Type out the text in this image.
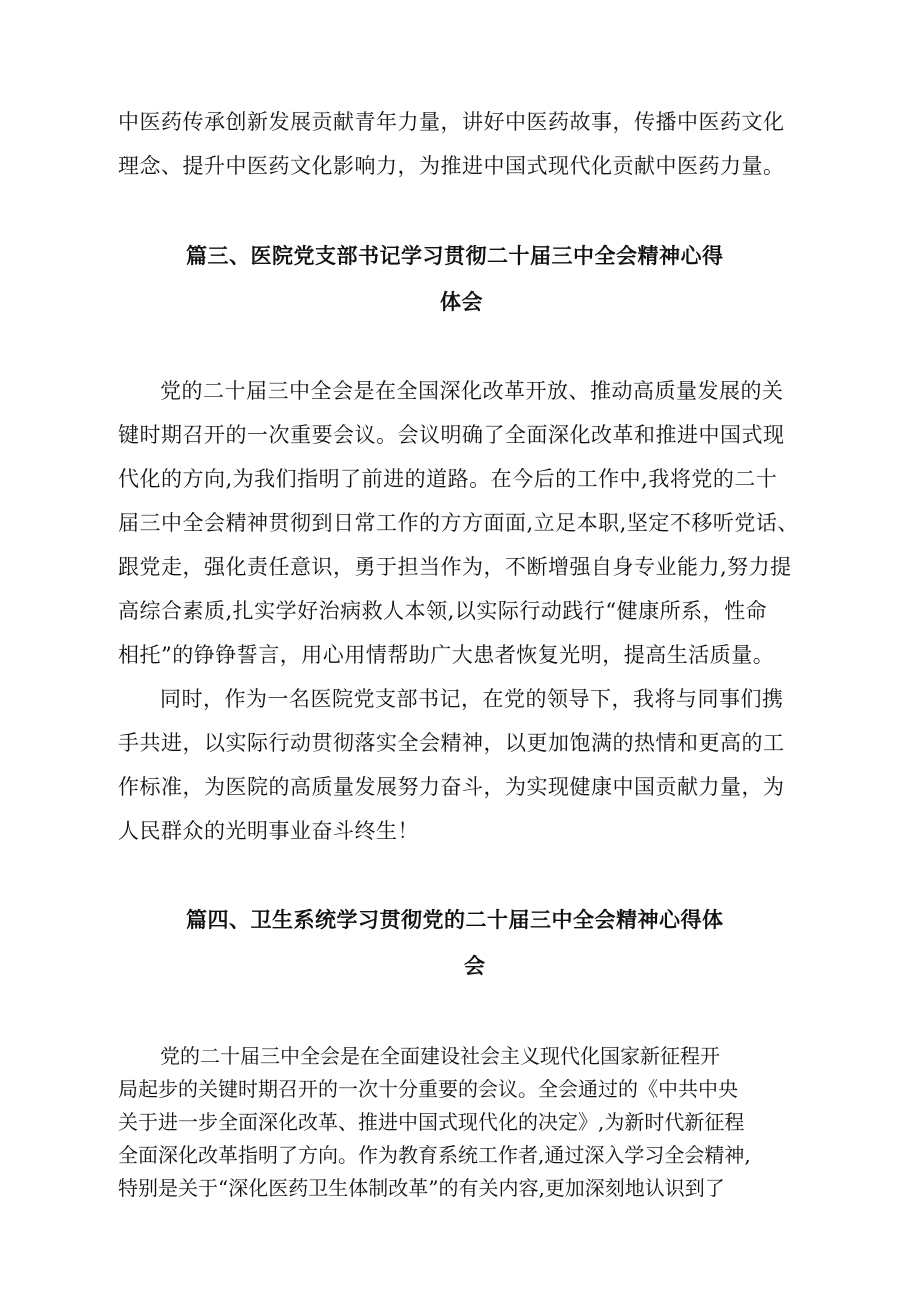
中医药传承创新发展贡献青年力量，讲好中医药故事，传播中医药文化
理念、提升中医药文化影响力，为推进中国式现代化贡献中医药力量。
篇三、医院党支部书记学习贯彻二十届三中全会精神心得
体会
党的二十届三中全会是在全国深化改革开放、推动高质量发展的关
键时期召开的一次重要会议。会议明确了全面深化改革和推进中国式现
代化的方向,为我们指明了前进的道路。在今后的工作中,我将党的二十
届三中全会精神贯彻到日常工作的方方面面,立足本职,坚定不移听党话、
跟党走，强化责任意识，勇于担当作为，不断增强自身专业能力,努力提
高综合素质,扎实学好治病救人本领,以实际行动践行“健康所系，性命
相托”的铮铮誓言，用心用情帮助广大患者恢复光明，提高生活质量。
同时，作为一名医院党支部书记，在党的领导下，我将与同事们携
手共进，以实际行动贯彻落实全会精神，以更加饱满的热情和更高的工
作标准，为医院的高质量发展努力奋斗，为实现健康中国贡献力量，为
人民群众的光明事业奋斗终生！
篇四、卫生系统学习贯彻党的二十届三中全会精神心得体
会
党的二十届三中全会是在全面建设社会主义现代化国家新征程开
局起步的关键时期召开的一次十分重要的会议。全会通过的《中共中央
关于进一步全面深化改革、推进中国式现代化的决定》,为新时代新征程
全面深化改革指明了方向。作为教育系统工作者,通过深入学习全会精神,
特别是关于“深化医药卫生体制改革”的有关内容,更加深刻地认识到了
